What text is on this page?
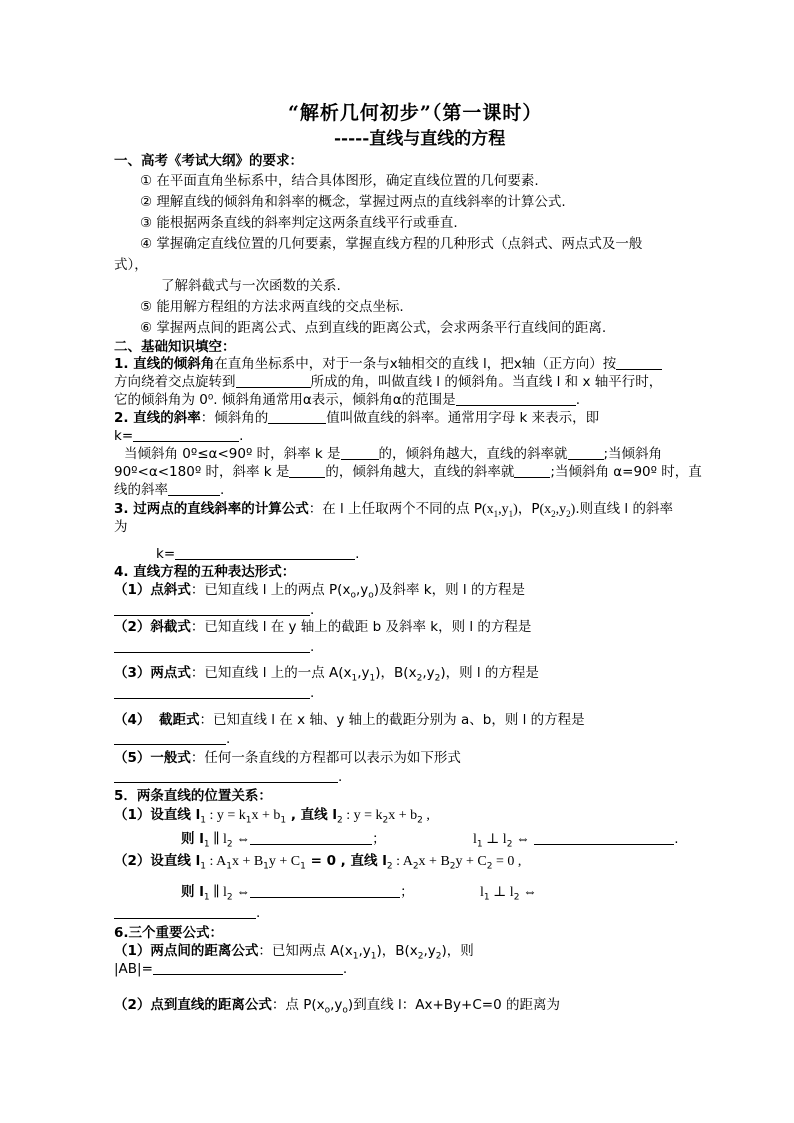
“解析几何初步”（第一课时）
-----直线与直线的方程
一、高考《考试大纲》的要求：
① 在平面直角坐标系中，结合具体图形，确定直线位置的几何要素.
② 理解直线的倾斜角和斜率的概念，掌握过两点的直线斜率的计算公式.
③ 能根据两条直线的斜率判定这两条直线平行或垂直.
④ 掌握确定直线位置的几何要素，掌握直线方程的几种形式（点斜式、两点式及一般
式），
了解斜截式与一次函数的关系.
⑤ 能用解方程组的方法求两直线的交点坐标.
⑥ 掌握两点间的距离公式、点到直线的距离公式，会求两条平行直线间的距离.
二、基础知识填空：
1. 直线的倾斜角在直角坐标系中，对于一条与x轴相交的直线 l，把x轴（正方向）按
方向绕着交点旋转到	所成的角，叫做直线 l 的倾斜角。当直线 l 和 x 轴平行时，
它的倾斜角为 0⁰. 倾斜角通常用α表示，倾斜角α的范围是	.
2. 直线的斜率：倾斜角的	值叫做直线的斜率。通常用字母 k 来表示，即
k=	.
当倾斜角 0º≤α<90º 时，斜率 k 是	的，倾斜角越大，直线的斜率就	;当倾斜角
90º<α<180º 时，斜率 k 是	的，倾斜角越大，直线的斜率就	;当倾斜角 α=90º 时，直
线的斜率	.
3. 过两点的直线斜率的计算公式：在 l 上任取两个不同的点 $P(x_1,y_1)$，$P(x_2,y_2)$.则直线 l 的斜率
为
k=	.
4. 直线方程的五种表达形式：
（1）点斜式：已知直线 l 上的两点 $P(x_o,y_o)$及斜率 k，则 l 的方程是
.
（2）斜截式：已知直线 l 在 y 轴上的截距 b 及斜率 k，则 l 的方程是
.
（3）两点式：已知直线 l 上的一点 $A(x_1,y_1)$，$B(x_2,y_2)$，则 l 的方程是
.
（4） 截距式：已知直线 l 在 x 轴、y 轴上的截距分别为 a、b，则 l 的方程是
.
（5）一般式：任何一条直线的方程都可以表示为如下形式
.
5．两条直线的位置关系：
（1）设直线 $l_1$ : $y = k_1x + b_1$ , 直线 $l_2$ : $y = k_2x + b_2$ ,
则 $l_1$ ∥ $l_2$ ⇔	；	$l_1$ ⊥ $l_2$ ⇔	.
（2）设直线 $l_1$ : $A_1x + B_1y + C_1 = 0$ , 直线 $l_2$ : $A_2x + B_2y + C_2 = 0$ ,
则 $l_1$ ∥ $l_2$ ⇔	；	$l_1$ ⊥ $l_2$ ⇔
.
6.三个重要公式：
（1）两点间的距离公式：已知两点 $A(x_1,y_1)$，$B(x_2,y_2)$，则
|AB|=	.
（2）点到直线的距离公式：点 $P(x_o,y_o)$到直线 l：Ax+By+C=0 的距离为
